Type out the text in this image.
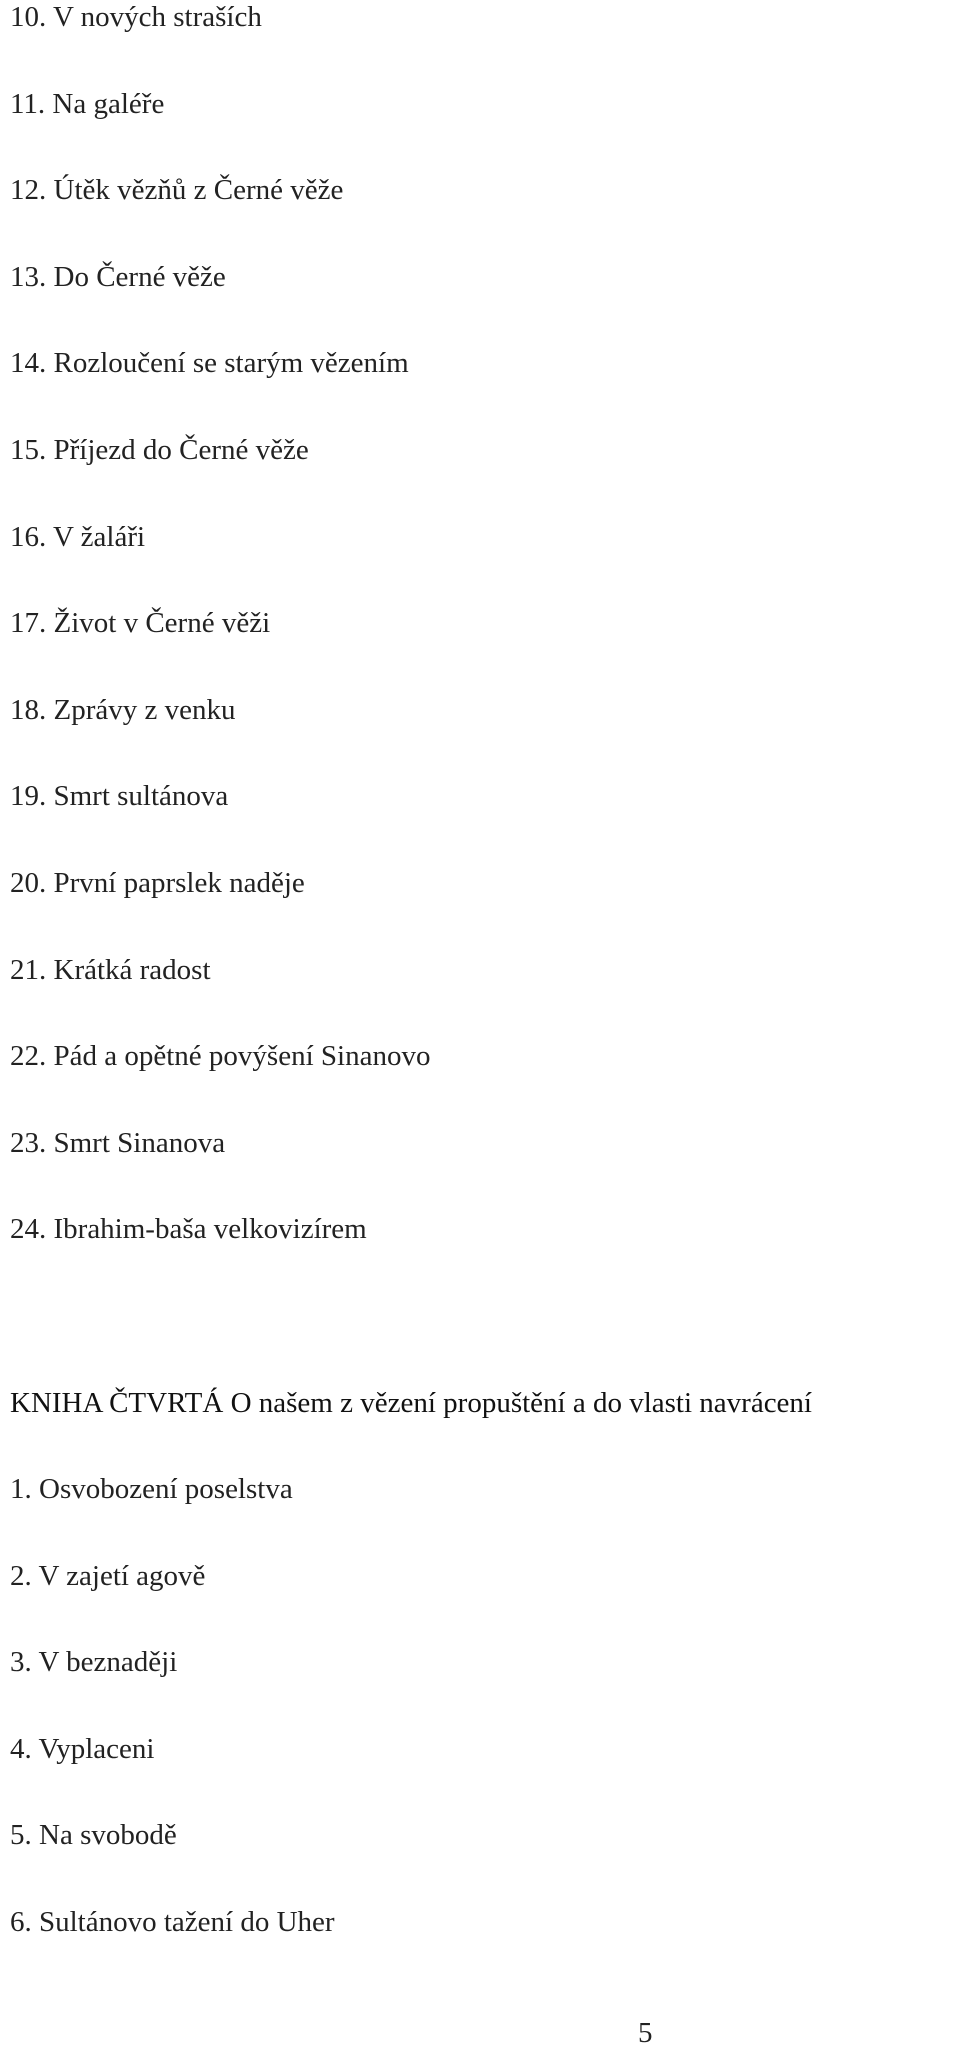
10. V nových straších
11. Na galéře
12. Útěk vězňů z Černé věže
13. Do Černé věže
14. Rozloučení se starým vězením
15. Příjezd do Černé věže
16. V žaláři
17. Život v Černé věži
18. Zprávy z venku
19. Smrt sultánova
20. První paprslek naděje
21. Krátká radost
22. Pád a opětné povýšení Sinanovo
23. Smrt Sinanova
24. Ibrahim-baša velkovizírem
KNIHA ČTVRTÁ O našem z vězení propuštění a do vlasti navrácení
1. Osvobození poselstva
2. V zajetí agově
3. V beznaději
4. Vyplaceni
5. Na svobodě
6. Sultánovo tažení do Uher
5
